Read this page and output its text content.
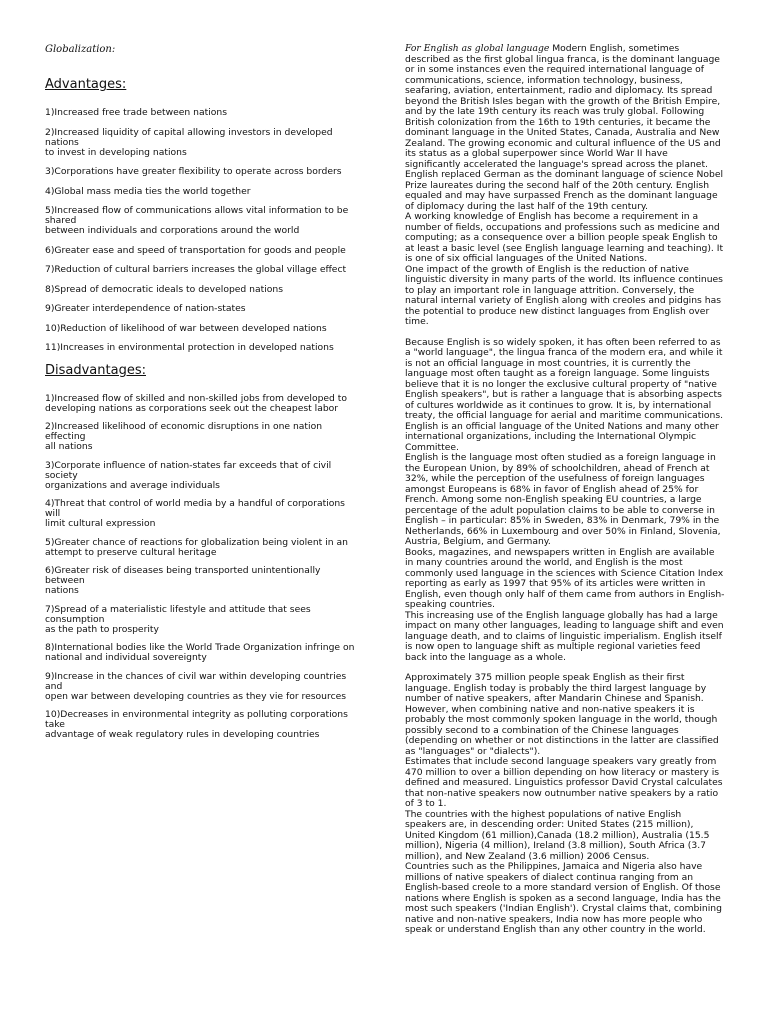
Globalization:
Advantages:
1)Increased free trade between nations
2)Increased liquidity of capital allowing investors in developed nations
to invest in developing nations
3)Corporations have greater flexibility to operate across borders
4)Global mass media ties the world together
5)Increased flow of communications allows vital information to be shared
between individuals and corporations around the world
6)Greater ease and speed of transportation for goods and people
7)Reduction of cultural barriers increases the global village effect
8)Spread of democratic ideals to developed nations
9)Greater interdependence of nation-states
10)Reduction of likelihood of war between developed nations
11)Increases in environmental protection in developed nations
Disadvantages:
1)Increased flow of skilled and non-skilled jobs from developed to developing nations as corporations seek out the cheapest labor
2)Increased likelihood of economic disruptions in one nation effecting
all nations
3)Corporate influence of nation-states far exceeds that of civil society
organizations and average individuals
4)Threat that control of world media by a handful of corporations will
limit cultural expression
5)Greater chance of reactions for globalization being violent in an attempt to preserve cultural heritage
6)Greater risk of diseases being transported unintentionally between
nations
7)Spread of a materialistic lifestyle and attitude that sees consumption
as the path to prosperity
8)International bodies like the World Trade Organization infringe on
national and individual sovereignty
9)Increase in the chances of civil war within developing countries and
open war between developing countries as they vie for resources
10)Decreases in environmental integrity as polluting corporations take
advantage of weak regulatory rules in developing countries

For English as global language Modern English, sometimes described as the first global lingua franca, is the dominant language or in some instances even the required international language of communications, science, information technology, business, seafaring, aviation, entertainment, radio and diplomacy. Its spread beyond the British Isles began with the growth of the British Empire, and by the late 19th century its reach was truly global. Following British colonization from the 16th to 19th centuries, it became the dominant language in the United States, Canada, Australia and New Zealand. The growing economic and cultural influence of the US and its status as a global superpower since World War II have significantly accelerated the language's spread across the planet. English replaced German as the dominant language of science Nobel Prize laureates during the second half of the 20th century. English equaled and may have surpassed French as the dominant language of diplomacy during the last half of the 19th century.

A working knowledge of English has become a requirement in a number of fields, occupations and professions such as medicine and computing; as a consequence over a billion people speak English to at least a basic level (see English language learning and teaching). It is one of six official languages of the United Nations.

One impact of the growth of English is the reduction of native linguistic diversity in many parts of the world. Its influence continues to play an important role in language attrition. Conversely, the natural internal variety of English along with creoles and pidgins has the potential to produce new distinct languages from English over time.

Because English is so widely spoken, it has often been referred to as a "world language", the lingua franca of the modern era, and while it is not an official language in most countries, it is currently the language most often taught as a foreign language. Some linguists believe that it is no longer the exclusive cultural property of "native English speakers", but is rather a language that is absorbing aspects of cultures worldwide as it continues to grow. It is, by international treaty, the official language for aerial and maritime communications. English is an official language of the United Nations and many other international organizations, including the International Olympic Committee.

English is the language most often studied as a foreign language in the European Union, by 89% of schoolchildren, ahead of French at 32%, while the perception of the usefulness of foreign languages amongst Europeans is 68% in favor of English ahead of 25% for French. Among some non-English speaking EU countries, a large percentage of the adult population claims to be able to converse in English – in particular: 85% in Sweden, 83% in Denmark, 79% in the Netherlands, 66% in Luxembourg and over 50% in Finland, Slovenia, Austria, Belgium, and Germany.

Books, magazines, and newspapers written in English are available in many countries around the world, and English is the most commonly used language in the sciences with Science Citation Index reporting as early as 1997 that 95% of its articles were written in English, even though only half of them came from authors in English-speaking countries.

This increasing use of the English language globally has had a large impact on many other languages, leading to language shift and even language death, and to claims of linguistic imperialism. English itself is now open to language shift as multiple regional varieties feed back into the language as a whole.

Approximately 375 million people speak English as their first language. English today is probably the third largest language by number of native speakers, after Mandarin Chinese and Spanish. However, when combining native and non-native speakers it is probably the most commonly spoken language in the world, though possibly second to a combination of the Chinese languages (depending on whether or not distinctions in the latter are classified as "languages" or "dialects").

Estimates that include second language speakers vary greatly from 470 million to over a billion depending on how literacy or mastery is defined and measured. Linguistics professor David Crystal calculates that non-native speakers now outnumber native speakers by a ratio of 3 to 1.

The countries with the highest populations of native English speakers are, in descending order: United States (215 million), United Kingdom (61 million),Canada (18.2 million), Australia (15.5 million), Nigeria (4 million), Ireland (3.8 million), South Africa (3.7 million), and New Zealand (3.6 million) 2006 Census.

Countries such as the Philippines, Jamaica and Nigeria also have millions of native speakers of dialect continua ranging from an English-based creole to a more standard version of English. Of those nations where English is spoken as a second language, India has the most such speakers ('Indian English'). Crystal claims that, combining native and non-native speakers, India now has more people who speak or understand English than any other country in the world.
